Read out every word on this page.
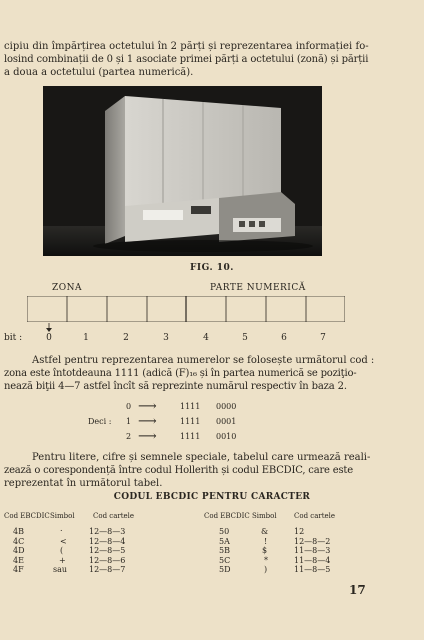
cipiu din împărțirea octetului în 2 părți și reprezentarea informației fo-
losind combinații de 0 și 1 asociate primei părți a octetului (zonă) și părții
a doua a octetului (partea numerică).
FIG. 10.
ZONA	PARTE NUMERICĂ
bit :	0	1	2	3	4	5	6	7
Astfel pentru reprezentarea numerelor se folosește următorul cod :
zona este întotdeauna 1111 (adică (F)₁₆ și în partea numerică se poziţio-
nează biţii 4—7 astfel încît să reprezinte numărul respectiv în baza 2.
Deci :
0 ⟶	1111 0000
1 ⟶	1111 0001
2 ⟶	1111 0010
Pentru litere, cifre și semnele speciale, tabelul care urmează reali-
zează o corespondență între codul Hollerith și codul EBCDIC, care este
reprezentat în următorul tabel.
CODUL EBCDIC PENTRU CARACTER
Cod EBCDIC Simbol	Cod cartele	Cod EBCDIC Simbol Cod cartele
4B	.	12—8—3	50	&	12
4C	<	12—8—4	5A	!	12—8—2
4D	(	12—8—5	5B	$	11—8—3
4E	+	12—8—6	5C	*	11—8—4
4F	sau	12—8—7	5D	)	11—8—5
17
